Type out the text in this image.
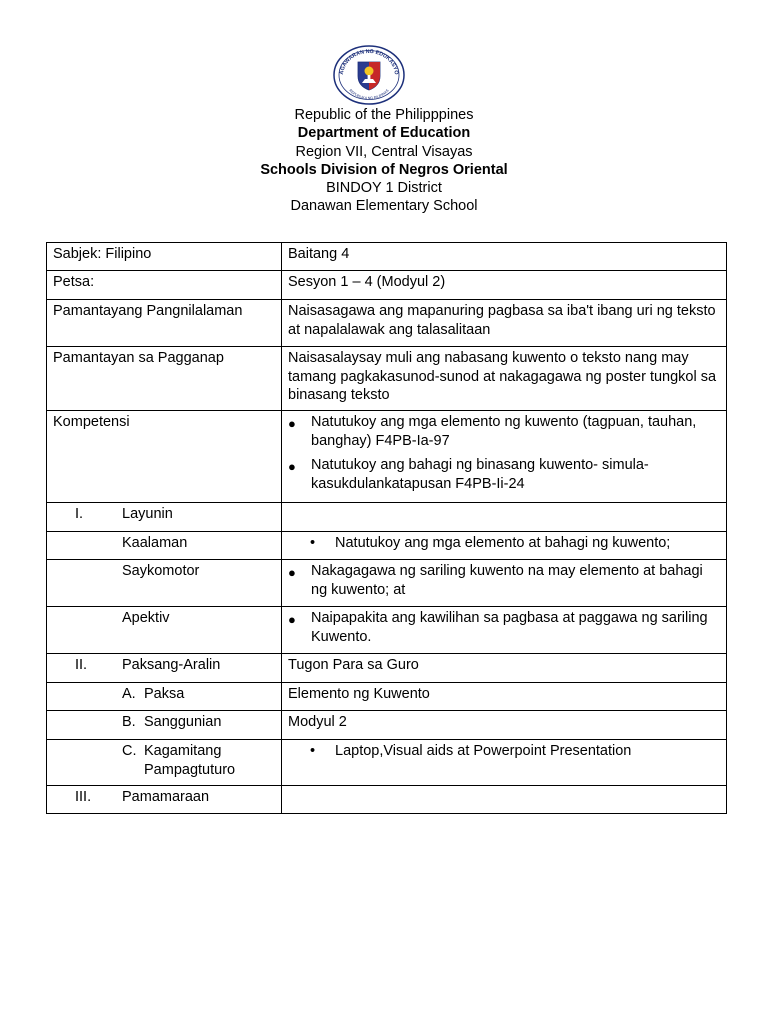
AGAWARAN NG EDUKASYO
REPUBLIKA NG PILIPINAS
Republic of the Philipppines
Department of Education
Region VII, Central Visayas
Schools Division of Negros Oriental
BINDOY 1 District
Danawan Elementary School
Sabjek: Filipino	Baitang 4
Petsa:	Sesyon 1 – 4 (Modyul 2)
Pamantayang Pangnilalaman	Naisasagawa ang mapanuring pagbasa sa iba't ibang uri ng teksto at napalalawak ang talasalitaan
Pamantayan sa Pagganap	Naisasalaysay muli ang nabasang kuwento o teksto nang may tamang pagkakasunod-sunod at nakagagawa ng poster tungkol sa binasang teksto
Kompetensi	● Natutukoy ang mga elemento ng kuwento (tagpuan, tauhan, banghay) F4PB-Ia-97
● Natutukoy ang bahagi ng binasang kuwento- simula-kasukdulankatapusan F4PB-Ii-24

I. Layunin	
Kaalaman	• Natutukoy ang mga elemento at bahagi ng kuwento;

Saykomotor	● Nakagagawa ng sariling kuwento na may elemento at bahagi ng kuwento; at

Apektiv	● Naipapakita ang kawilihan sa pagbasa at paggawa ng sariling Kuwento.

II. Paksang-Aralin	Tugon Para sa Guro

A. Paksa	Elemento ng Kuwento

B. Sanggunian	Modyul 2

C. Kagamitang Pampagtuturo	• Laptop,Visual aids at Powerpoint Presentation

III. Pamamaraan	
